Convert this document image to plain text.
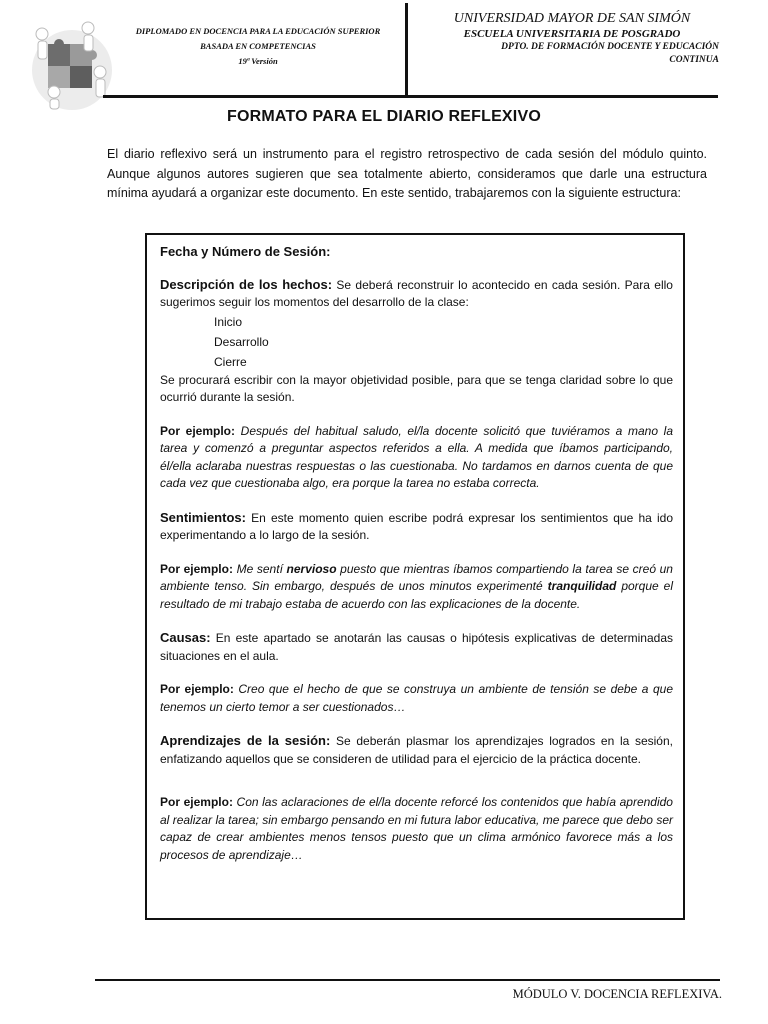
DIPLOMADO EN DOCENCIA PARA LA EDUCACIÓN SUPERIOR
BASADA EN COMPETENCIAS
19ª Versión
UNIVERSIDAD MAYOR DE SAN SIMÓN
ESCUELA UNIVERSITARIA DE POSGRADO
DPTO. DE FORMACIÓN DOCENTE Y EDUCACIÓN
CONTINUA
FORMATO PARA EL DIARIO REFLEXIVO
El diario reflexivo será un instrumento para el registro retrospectivo de cada sesión del módulo quinto. Aunque algunos autores sugieren que sea totalmente abierto, consideramos que darle una estructura mínima ayudará a organizar este documento. En este sentido, trabajaremos con la siguiente estructura:

Fecha y Número de Sesión:

Descripción de los hechos: Se deberá reconstruir lo acontecido en cada sesión. Para ello sugerimos seguir los momentos del desarrollo de la clase:

Inicio
Desarrollo
Cierre

Se procurará escribir con la mayor objetividad posible, para que se tenga claridad sobre lo que ocurrió durante la sesión.

Por ejemplo: Después del habitual saludo, el/la docente solicitó que tuviéramos a mano la tarea y comenzó a preguntar aspectos referidos a ella. A medida que íbamos participando, él/ella aclaraba nuestras respuestas o las cuestionaba. No tardamos en darnos cuenta de que cada vez que cuestionaba algo, era porque la tarea no estaba correcta.

Sentimientos: En este momento quien escribe podrá expresar los sentimientos que ha ido experimentando a lo largo de la sesión.

Por ejemplo: Me sentí nervioso puesto que mientras íbamos compartiendo la tarea se creó un ambiente tenso. Sin embargo, después de unos minutos experimenté tranquilidad porque el resultado de mi trabajo estaba de acuerdo con las explicaciones de la docente.

Causas: En este apartado se anotarán las causas o hipótesis explicativas de determinadas situaciones en el aula.

Por ejemplo: Creo que el hecho de que se construya un ambiente de tensión se debe a que tenemos un cierto temor a ser cuestionados…

Aprendizajes de la sesión: Se deberán plasmar los aprendizajes logrados en la sesión, enfatizando aquellos que se consideren de utilidad para el ejercicio de la práctica docente.

Por ejemplo: Con las aclaraciones de el/la docente reforcé los contenidos que había aprendido al realizar la tarea; sin embargo pensando en mi futura labor educativa, me parece que debo ser capaz de crear ambientes menos tensos puesto que un clima armónico favorece más a los procesos de aprendizaje…

MÓDULO V. DOCENCIA REFLEXIVA.
